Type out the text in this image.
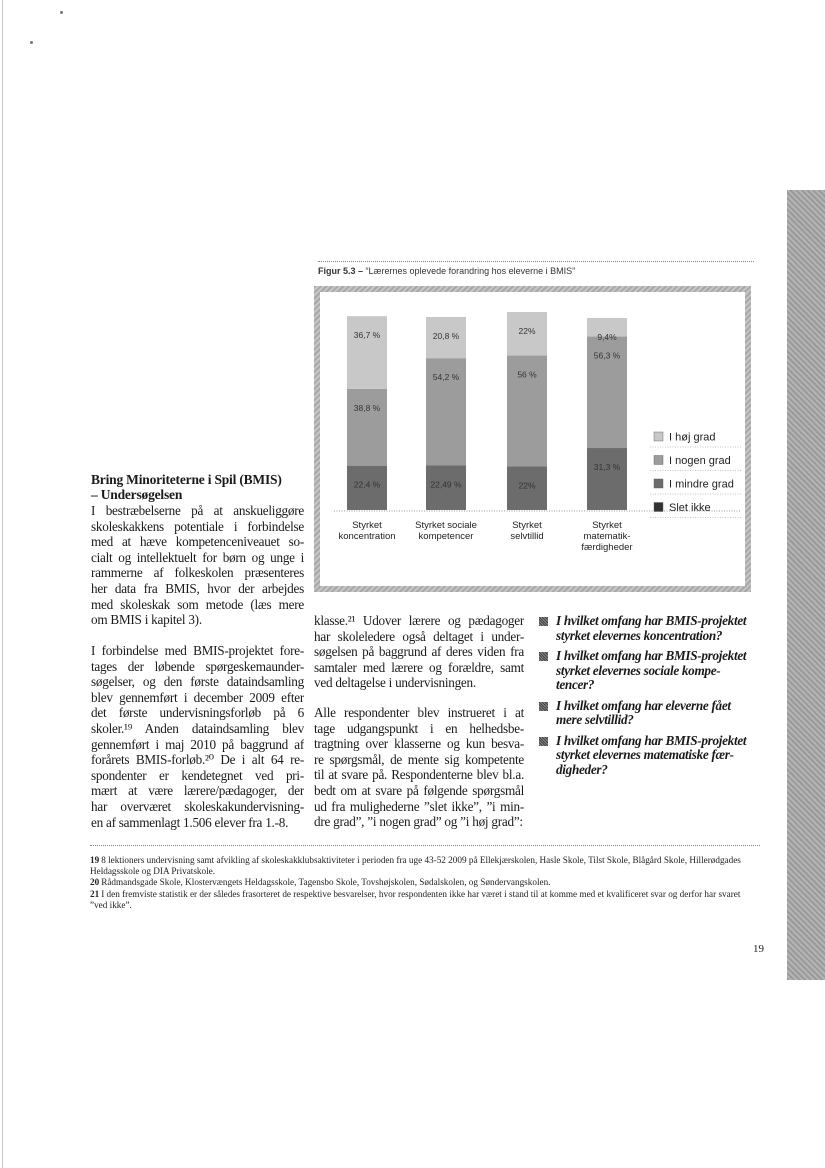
Figur 5.3 – “Lærernes oplevede forandring hos eleverne i BMIS”
22,4 %
38,8 %
36,7 %
Styrket
koncentration
22,49 %
54,2 %
20,8 %
Styrket sociale
kompetencer
22%
56 %
22%
Styrket
selvtillid
31,3 %
56,3 %
9,4%
Styrket
matematik-
færdigheder
I høj grad
I nogen grad
I mindre grad
Slet ikke
Bring Minoriteterne i Spil (BMIS)
– Undersøgelsen
I bestræbelserne på at anskueliggøre
skoleskakkens potentiale i forbindelse
med at hæve kompetenceniveauet so-
cialt og intellektuelt for børn og unge i
rammerne af folkeskolen præsenteres
her data fra BMIS, hvor der arbejdes
med skoleskak som metode (læs mere
om BMIS i kapitel 3).
I forbindelse med BMIS-projektet fore-
tages der løbende spørgeskemaunder-
søgelser, og den første dataindsamling
blev gennemført i december 2009 efter
det første undervisningsforløb på 6
skoler.¹⁹ Anden dataindsamling blev
gennemført i maj 2010 på baggrund af
forårets BMIS-forløb.²⁰ De i alt 64 re-
spondenter er kendetegnet ved pri-
mært at være lærere/pædagoger, der
har overværet skoleskakundervisning-
en af sammenlagt 1.506 elever fra 1.-8.
klasse.²¹ Udover lærere og pædagoger
har skoleledere også deltaget i under-
søgelsen på baggrund af deres viden fra
samtaler med lærere og forældre, samt
ved deltagelse i undervisningen.
Alle respondenter blev instrueret i at
tage udgangspunkt i en helhedsbe-
tragtning over klasserne og kun besva-
re spørgsmål, de mente sig kompetente
til at svare på. Respondenterne blev bl.a.
bedt om at svare på følgende spørgsmål
ud fra mulighederne ”slet ikke”, ”i min-
dre grad”, ”i nogen grad” og ”i høj grad”:
I hvilket omfang har BMIS-projektet
styrket elevernes koncentration?
I hvilket omfang har BMIS-projektet
styrket elevernes sociale kompe-
tencer?
I hvilket omfang har eleverne fået
mere selvtillid?
I hvilket omfang har BMIS-projektet
styrket elevernes matematiske fær-
digheder?
19 8 lektioners undervisning samt afvikling af skoleskakklubsaktiviteter i perioden fra uge 43-52 2009 på Ellekjærskolen, Hasle Skole, Tilst Skole, Blågård Skole, Hillerødgades Heldagsskole og DIA Privatskole.
20 Rådmandsgade Skole, Klostervængets Heldagsskole, Tagensbo Skole, Tovshøjskolen, Sødalskolen, og Søndervangskolen.
21 I den fremviste statistik er der således frasorteret de respektive besvarelser, hvor respondenten ikke har været i stand til at komme med et kvalificeret svar og derfor har svaret ”ved ikke”.
19
